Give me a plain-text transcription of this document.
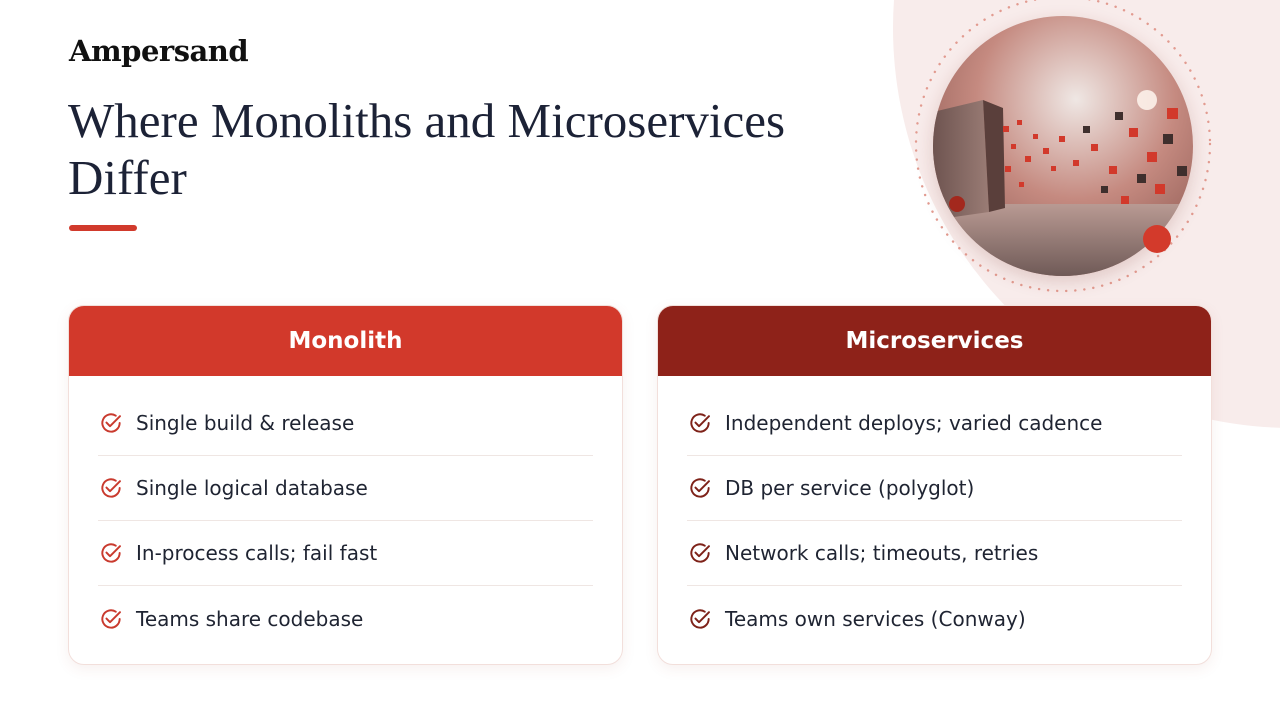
Ampersand
Where Monoliths and Microservices Differ
Monolith
Single build & release
Single logical database
In-process calls; fail fast
Teams share codebase
Microservices
Independent deploys; varied cadence
DB per service (polyglot)
Network calls; timeouts, retries
Teams own services (Conway)
